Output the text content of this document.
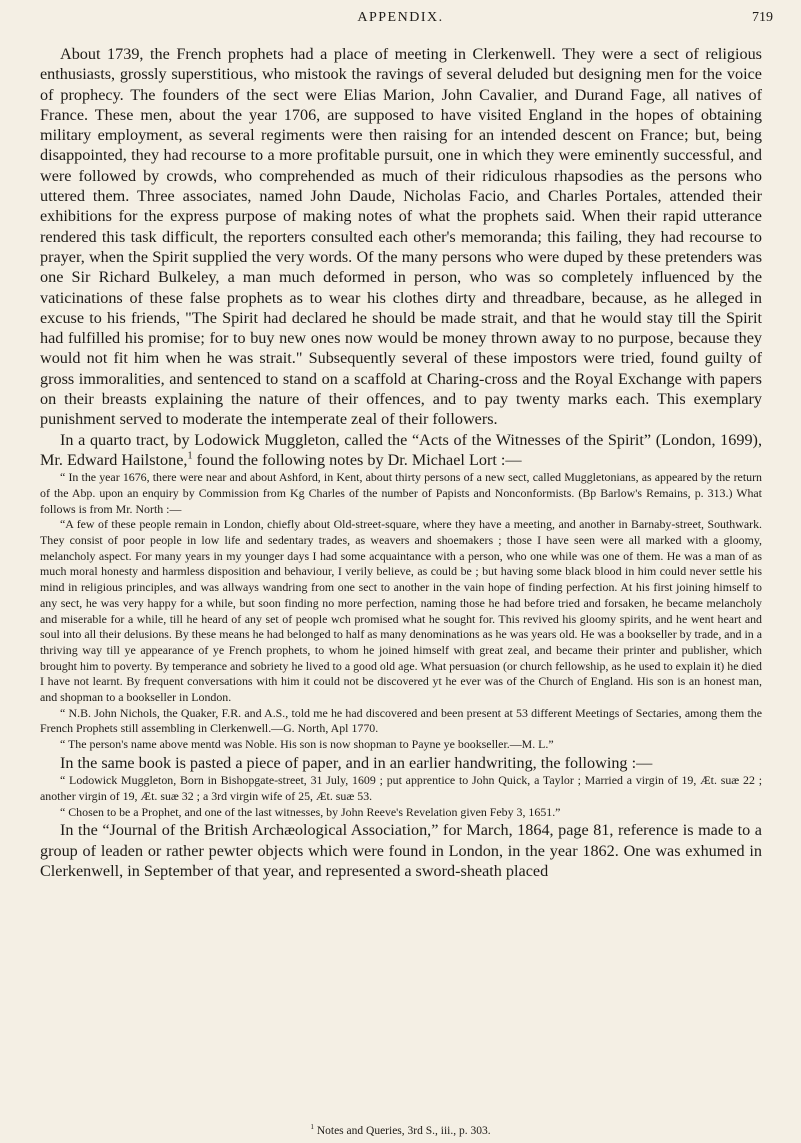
APPENDIX.	719

About 1739, the French prophets had a place of meeting in Clerkenwell. They were a sect of religious enthusiasts, grossly superstitious, who mistook the ravings of several deluded but designing men for the voice of prophecy. The founders of the sect were Elias Marion, John Cavalier, and Durand Fage, all natives of France. These men, about the year 1706, are supposed to have visited England in the hopes of obtaining military employment, as several regiments were then raising for an intended descent on France; but, being disappointed, they had recourse to a more profitable pursuit, one in which they were eminently successful, and were followed by crowds, who comprehended as much of their ridiculous rhapsodies as the persons who uttered them. Three associates, named John Daude, Nicholas Facio, and Charles Portales, attended their exhibitions for the express purpose of making notes of what the prophets said. When their rapid utterance rendered this task difficult, the reporters consulted each other's memoranda; this failing, they had recourse to prayer, when the Spirit supplied the very words. Of the many persons who were duped by these pretenders was one Sir Richard Bulkeley, a man much deformed in person, who was so completely influenced by the vaticinations of these false prophets as to wear his clothes dirty and threadbare, because, as he alleged in excuse to his friends, "The Spirit had declared he should be made strait, and that he would stay till the Spirit had fulfilled his promise; for to buy new ones now would be money thrown away to no purpose, because they would not fit him when he was strait." Subsequently several of these impostors were tried, found guilty of gross immoralities, and sentenced to stand on a scaffold at Charing-cross and the Royal Exchange with papers on their breasts explaining the nature of their offences, and to pay twenty marks each. This exemplary punishment served to moderate the intemperate zeal of their followers.

In a quarto tract, by Lodowick Muggleton, called the “Acts of the Witnesses of the Spirit” (London, 1699), Mr. Edward Hailstone,$^1$ found the following notes by Dr. Michael Lort :—

“ In the year 1676, there were near and about Ashford, in Kent, about thirty persons of a new sect, called Muggletonians, as appeared by the return of the Abp. upon an enquiry by Commission from Kg Charles of the number of Papists and Nonconformists. (Bp Barlow's Remains, p. 313.) What follows is from Mr. North :—

“A few of these people remain in London, chiefly about Old-street-square, where they have a meeting, and another in Barnaby-street, Southwark. They consist of poor people in low life and sedentary trades, as weavers and shoemakers ; those I have seen were all marked with a gloomy, melancholy aspect. For many years in my younger days I had some acquaintance with a person, who one while was one of them. He was a man of as much moral honesty and harmless disposition and behaviour, I verily believe, as could be ; but having some black blood in him could never settle his mind in religious principles, and was allways wandring from one sect to another in the vain hope of finding perfection. At his first joining himself to any sect, he was very happy for a while, but soon finding no more perfection, naming those he had before tried and forsaken, he became melancholy and miserable for a while, till he heard of any set of people wch promised what he sought for. This revived his gloomy spirits, and he went heart and soul into all their delusions. By these means he had belonged to half as many denominations as he was years old. He was a bookseller by trade, and in a thriving way till ye appearance of ye French prophets, to whom he joined himself with great zeal, and became their printer and publisher, which brought him to poverty. By temperance and sobriety he lived to a good old age. What persuasion (or church fellowship, as he used to explain it) he died I have not learnt. By frequent conversations with him it could not be discovered yt he ever was of the Church of England. His son is an honest man, and shopman to a bookseller in London.

“ N.B. John Nichols, the Quaker, F.R. and A.S., told me he had discovered and been present at 53 different Meetings of Sectaries, among them the French Prophets still assembling in Clerkenwell.—G. North, Apl 1770.

“ The person's name above mentd was Noble. His son is now shopman to Payne ye bookseller.—M. L.”

In the same book is pasted a piece of paper, and in an earlier handwriting, the following :—

“ Lodowick Muggleton, Born in Bishopgate-street, 31 July, 1609 ; put apprentice to John Quick, a Taylor ; Married a virgin of 19, Æt. suæ 22 ; another virgin of 19, Æt. suæ 32 ; a 3rd virgin wife of 25, Æt. suæ 53.

“ Chosen to be a Prophet, and one of the last witnesses, by John Reeve's Revelation given Feby 3, 1651.”

In the “Journal of the British Archæological Association,” for March, 1864, page 81, reference is made to a group of leaden or rather pewter objects which were found in London, in the year 1862. One was exhumed in Clerkenwell, in September of that year, and represented a sword-sheath placed

$^1$ Notes and Queries, 3rd S., iii., p. 303.
